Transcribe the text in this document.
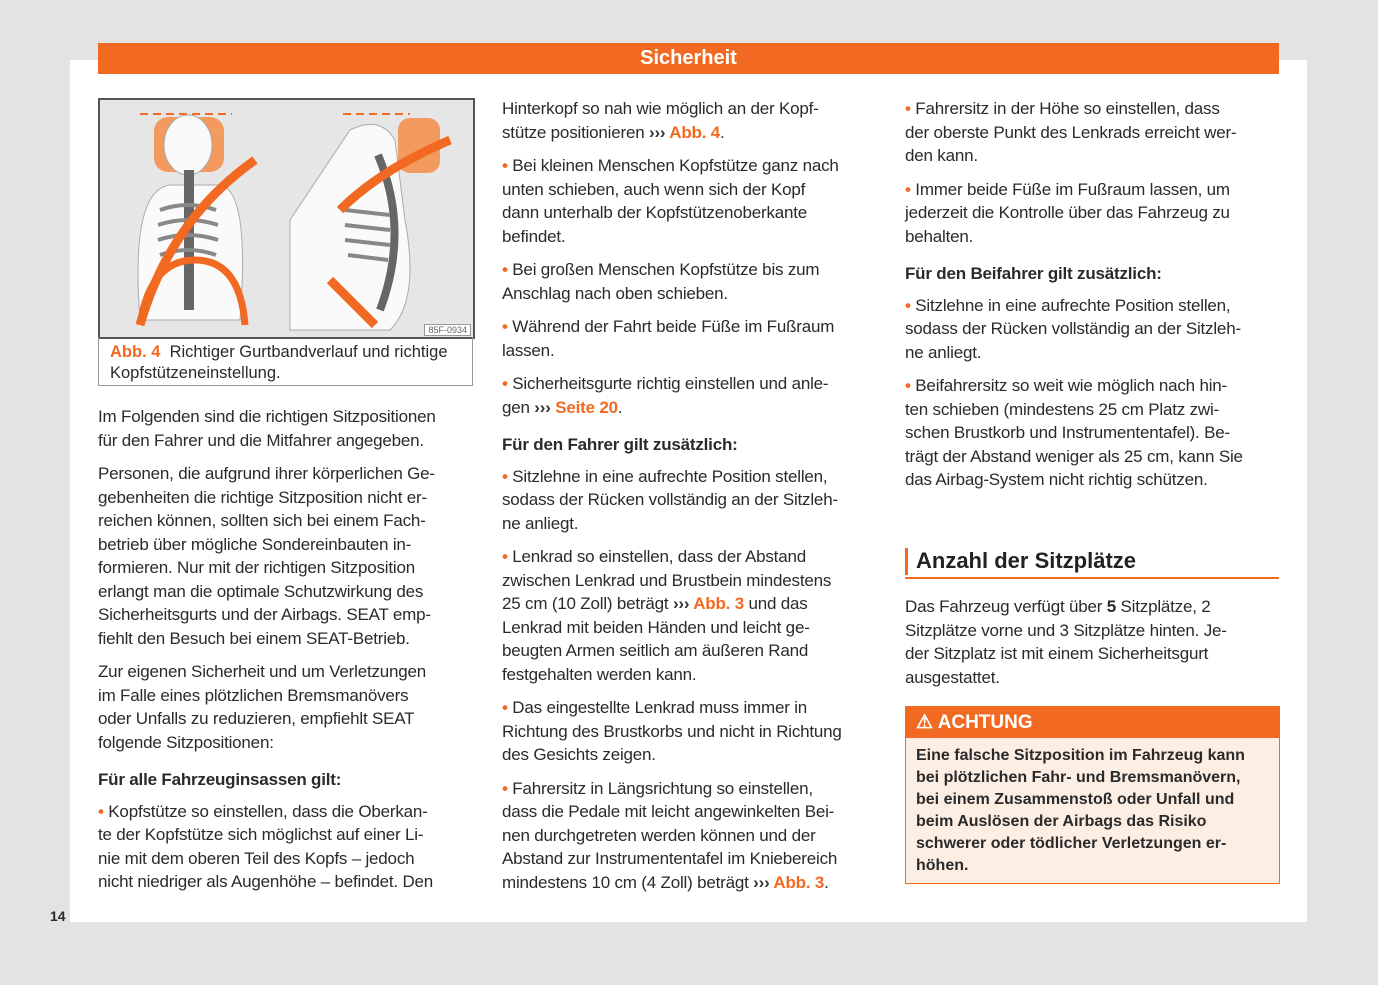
Sicherheit
85F-0934
Abb. 4 Richtiger Gurtbandverlauf und richtige
Kopfstützeneinstellung.
Im Folgenden sind die richtigen Sitzpositionen
für den Fahrer und die Mitfahrer angegeben.
Personen, die aufgrund ihrer körperlichen Ge-
gebenheiten die richtige Sitzposition nicht er-
reichen können, sollten sich bei einem Fach-
betrieb über mögliche Sondereinbauten in-
formieren. Nur mit der richtigen Sitzposition
erlangt man die optimale Schutzwirkung des
Sicherheitsgurts und der Airbags. SEAT emp-
fiehlt den Besuch bei einem SEAT-Betrieb.
Zur eigenen Sicherheit und um Verletzungen
im Falle eines plötzlichen Bremsmanövers
oder Unfalls zu reduzieren, empfiehlt SEAT
folgende Sitzpositionen:
Für alle Fahrzeuginsassen gilt:
• Kopfstütze so einstellen, dass die Oberkan-
te der Kopfstütze sich möglichst auf einer Li-
nie mit dem oberen Teil des Kopfs – jedoch
nicht niedriger als Augenhöhe – befindet. Den
Hinterkopf so nah wie möglich an der Kopf-
stütze positionieren ››› Abb. 4.
• Bei kleinen Menschen Kopfstütze ganz nach
unten schieben, auch wenn sich der Kopf
dann unterhalb der Kopfstützenoberkante
befindet.
• Bei großen Menschen Kopfstütze bis zum
Anschlag nach oben schieben.
• Während der Fahrt beide Füße im Fußraum
lassen.
• Sicherheitsgurte richtig einstellen und anle-
gen ››› Seite 20.
Für den Fahrer gilt zusätzlich:
• Sitzlehne in eine aufrechte Position stellen,
sodass der Rücken vollständig an der Sitzleh-
ne anliegt.
• Lenkrad so einstellen, dass der Abstand
zwischen Lenkrad und Brustbein mindestens
25 cm (10 Zoll) beträgt ››› Abb. 3 und das
Lenkrad mit beiden Händen und leicht ge-
beugten Armen seitlich am äußeren Rand
festgehalten werden kann.
• Das eingestellte Lenkrad muss immer in
Richtung des Brustkorbs und nicht in Richtung
des Gesichts zeigen.
• Fahrersitz in Längsrichtung so einstellen,
dass die Pedale mit leicht angewinkelten Bei-
nen durchgetreten werden können und der
Abstand zur Instrumententafel im Kniebereich
mindestens 10 cm (4 Zoll) beträgt ››› Abb. 3.
• Fahrersitz in der Höhe so einstellen, dass
der oberste Punkt des Lenkrads erreicht wer-
den kann.
• Immer beide Füße im Fußraum lassen, um
jederzeit die Kontrolle über das Fahrzeug zu
behalten.
Für den Beifahrer gilt zusätzlich:
• Sitzlehne in eine aufrechte Position stellen,
sodass der Rücken vollständig an der Sitzleh-
ne anliegt.
• Beifahrersitz so weit wie möglich nach hin-
ten schieben (mindestens 25 cm Platz zwi-
schen Brustkorb und Instrumententafel). Be-
trägt der Abstand weniger als 25 cm, kann Sie
das Airbag-System nicht richtig schützen.
Das Fahrzeug verfügt über 5 Sitzplätze, 2
Sitzplätze vorne und 3 Sitzplätze hinten. Je-
der Sitzplatz ist mit einem Sicherheitsgurt
ausgestattet.
Anzahl der Sitzplätze
⚠ ACHTUNG
Eine falsche Sitzposition im Fahrzeug kann
bei plötzlichen Fahr- und Bremsmanövern,
bei einem Zusammenstoß oder Unfall und
beim Auslösen der Airbags das Risiko
schwerer oder tödlicher Verletzungen er-
höhen.
14
